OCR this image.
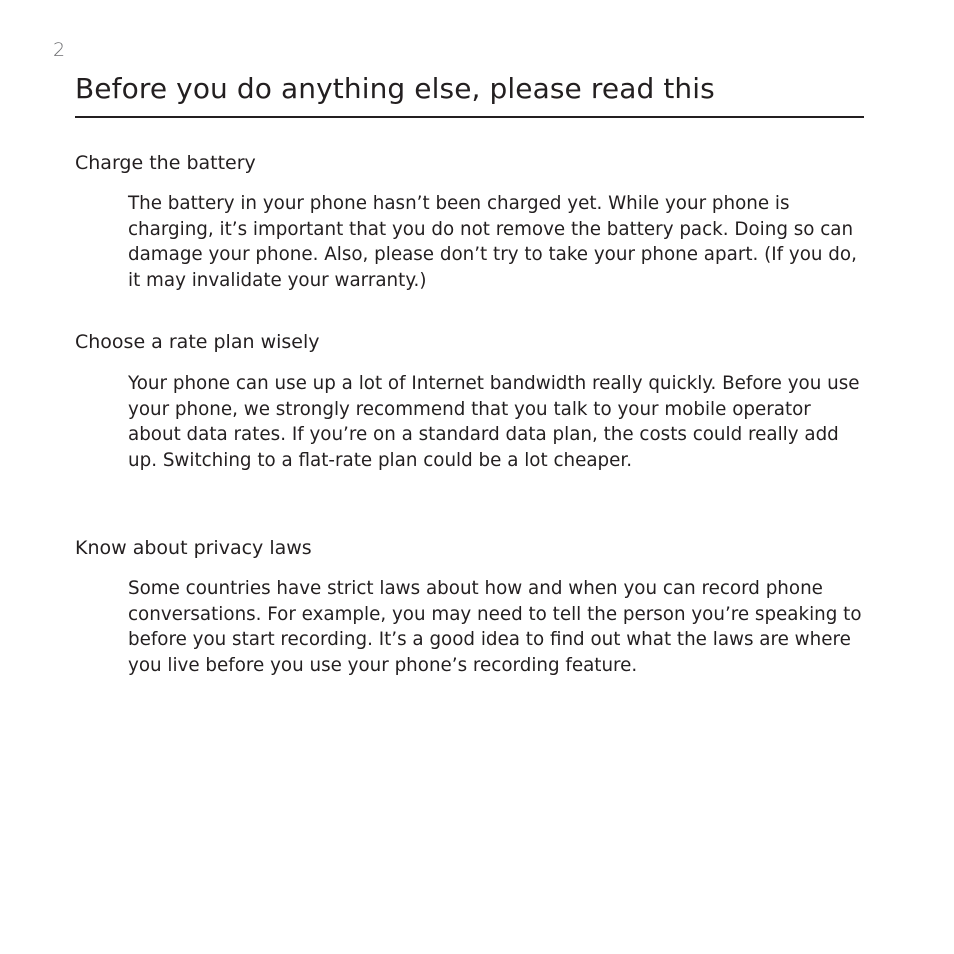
2
Before you do anything else, please read this
Charge the battery

The battery in your phone hasn’t been charged yet. While your phone is charging, it’s important that you do not remove the battery pack. Doing so can damage your phone. Also, please don’t try to take your phone apart. (If you do, it may invalidate your warranty.)

Choose a rate plan wisely

Your phone can use up a lot of Internet bandwidth really quickly. Before you use your phone, we strongly recommend that you talk to your mobile operator about data rates. If you’re on a standard data plan, the costs could really add up. Switching to a flat-rate plan could be a lot cheaper.

Know about privacy laws

Some countries have strict laws about how and when you can record phone conversations. For example, you may need to tell the person you’re speaking to before you start recording. It’s a good idea to find out what the laws are where you live before you use your phone’s recording feature.
